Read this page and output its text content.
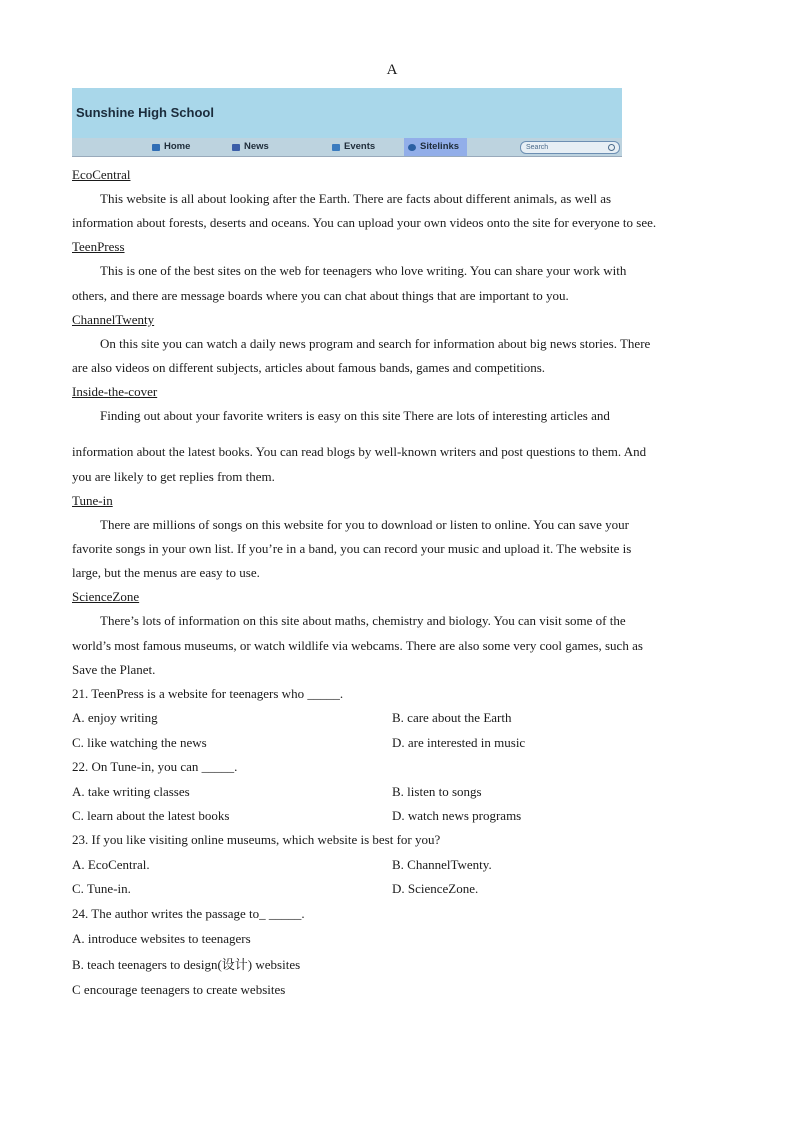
A
Sunshine High School
Home	News	Events	Sitelinks	Search
EcoCentral
This website is all about looking after the Earth. There are facts about different animals, as well as
information about forests, deserts and oceans. You can upload your own videos onto the site for everyone to see.
TeenPress
This is one of the best sites on the web for teenagers who love writing. You can share your work with
others, and there are message boards where you can chat about things that are important to you.
ChannelTwenty
On this site you can watch a daily news program and search for information about big news stories. There
are also videos on different subjects, articles about famous bands, games and competitions.
Inside-the-cover
Finding out about your favorite writers is easy on this site There are lots of interesting articles and
information about the latest books. You can read blogs by well-known writers and post questions to them. And
you are likely to get replies from them.
Tune-in
There are millions of songs on this website for you to download or listen to online. You can save your
favorite songs in your own list. If you’re in a band, you can record your music and upload it. The website is
large, but the menus are easy to use.
ScienceZone
There’s lots of information on this site about maths, chemistry and biology. You can visit some of the
world’s most famous museums, or watch wildlife via webcams. There are also some very cool games, such as
Save the Planet.
21. TeenPress is a website for teenagers who _____.
A. enjoy writing	B. care about the Earth
C. like watching the news	D. are interested in music
22. On Tune-in, you can _____.
A. take writing classes	B. listen to songs
C. learn about the latest books	D. watch news programs
23. If you like visiting online museums, which website is best for you?
A. EcoCentral.	B. ChannelTwenty.
C. Tune-in.	D. ScienceZone.
24. The author writes the passage to_ _____.
A. introduce websites to teenagers
B. teach teenagers to design(设计) websites
C encourage teenagers to create websites
